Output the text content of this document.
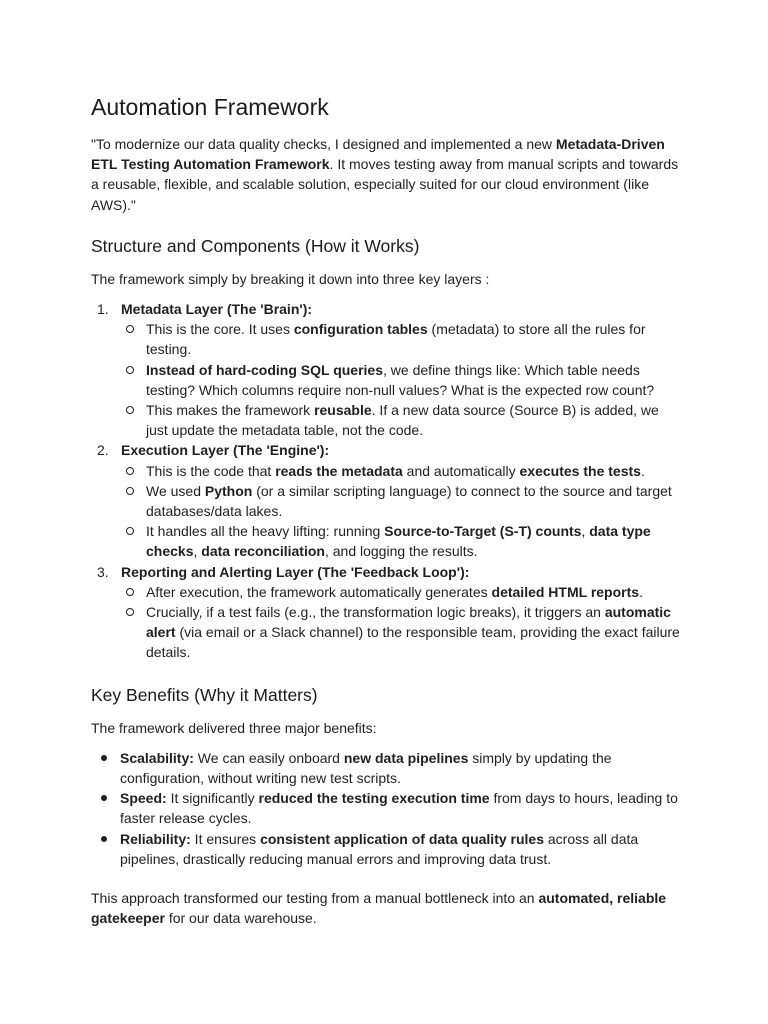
Automation Framework

"To modernize our data quality checks, I designed and implemented a new Metadata-Driven ETL Testing Automation Framework. It moves testing away from manual scripts and towards a reusable, flexible, and scalable solution, especially suited for our cloud environment (like AWS)."

Structure and Components (How it Works)

The framework simply by breaking it down into three key layers :

1. Metadata Layer (The 'Brain'):
This is the core. It uses configuration tables (metadata) to store all the rules for testing.
Instead of hard-coding SQL queries, we define things like: Which table needs testing? Which columns require non-null values? What is the expected row count?
This makes the framework reusable. If a new data source (Source B) is added, we just update the metadata table, not the code.
2. Execution Layer (The 'Engine'):
This is the code that reads the metadata and automatically executes the tests.
We used Python (or a similar scripting language) to connect to the source and target databases/data lakes.
It handles all the heavy lifting: running Source-to-Target (S-T) counts, data type checks, data reconciliation, and logging the results.
3. Reporting and Alerting Layer (The 'Feedback Loop'):
After execution, the framework automatically generates detailed HTML reports.
Crucially, if a test fails (e.g., the transformation logic breaks), it triggers an automatic alert (via email or a Slack channel) to the responsible team, providing the exact failure details.
Key Benefits (Why it Matters)

The framework delivered three major benefits:

Scalability: We can easily onboard new data pipelines simply by updating the configuration, without writing new test scripts.
Speed: It significantly reduced the testing execution time from days to hours, leading to faster release cycles.
Reliability: It ensures consistent application of data quality rules across all data pipelines, drastically reducing manual errors and improving data trust.

This approach transformed our testing from a manual bottleneck into an automated, reliable gatekeeper for our data warehouse.
